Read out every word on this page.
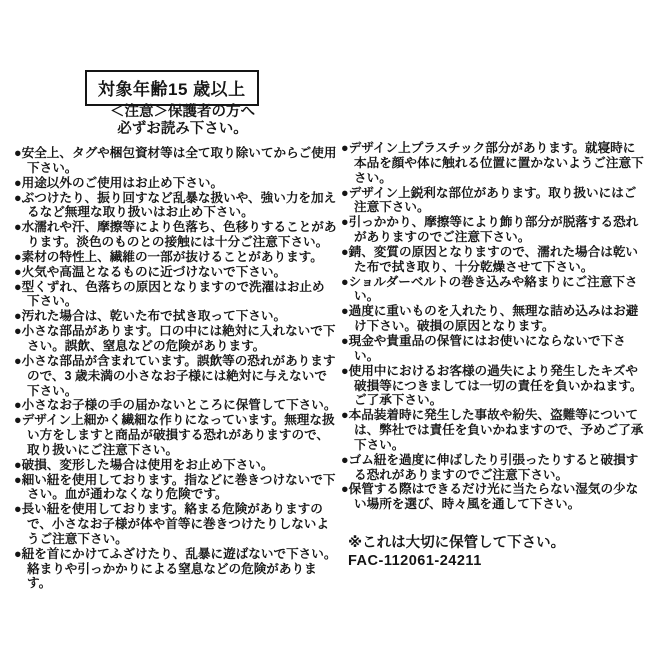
対象年齢15 歳以上
＜注意＞保護者の方へ
必ずお読み下さい。
●安全上、タグや梱包資材等は全て取り除いてからご使用下さい。
●用途以外のご使用はお止め下さい。
●ぶつけたり、振り回すなど乱暴な扱いや、強い力を加えるなど無理な取り扱いはお止め下さい。
●水濡れや汗、摩擦等により色落ち、色移りすることがあります。淡色のものとの接触には十分ご注意下さい。
●素材の特性上、繊維の一部が抜けることがあります。
●火気や高温となるものに近づけないで下さい。
●型くずれ、色落ちの原因となりますので洗濯はお止め下さい。
●汚れた場合は、乾いた布で拭き取って下さい。
●小さな部品があります。口の中には絶対に入れないで下さい。誤飲、窒息などの危険があります。
●小さな部品が含まれています。誤飲等の恐れがありますので、3 歳未満の小さなお子様には絶対に与えないで下さい。
●小さなお子様の手の届かないところに保管して下さい。
●デザイン上細かく繊細な作りになっています。無理な扱い方をしますと商品が破損する恐れがありますので、取り扱いにご注意下さい。
●破損、変形した場合は使用をお止め下さい。
●細い紐を使用しております。指などに巻きつけないで下さい。血が通わなくなり危険です。
●長い紐を使用しております。絡まる危険がありますので、小さなお子様が体や首等に巻きつけたりしないようご注意下さい。
●紐を首にかけてふざけたり、乱暴に遊ばないで下さい。絡まりや引っかかりによる窒息などの危険があります。
●デザイン上プラスチック部分があります。就寝時に本品を顔や体に触れる位置に置かないようご注意下さい。
●デザイン上鋭利な部位があります。取り扱いにはご注意下さい。
●引っかかり、摩擦等により飾り部分が脱落する恐れがありますのでご注意下さい。
●錆、変質の原因となりますので、濡れた場合は乾いた布で拭き取り、十分乾燥させて下さい。
●ショルダーベルトの巻き込みや絡まりにご注意下さい。
●過度に重いものを入れたり、無理な詰め込みはお避け下さい。破損の原因となります。
●現金や貴重品の保管にはお使いにならないで下さい。
●使用中におけるお客様の過失により発生したキズや破損等につきましては一切の責任を負いかねます。ご了承下さい。
●本品装着時に発生した事故や紛失、盗難等については、弊社では責任を負いかねますので、予めご了承下さい。
●ゴム紐を過度に伸ばしたり引張ったりすると破損する恐れがありますのでご注意下さい。
●保管する際はできるだけ光に当たらない湿気の少ない場所を選び、時々風を通して下さい。
※これは大切に保管して下さい。
FAC-112061-24211
